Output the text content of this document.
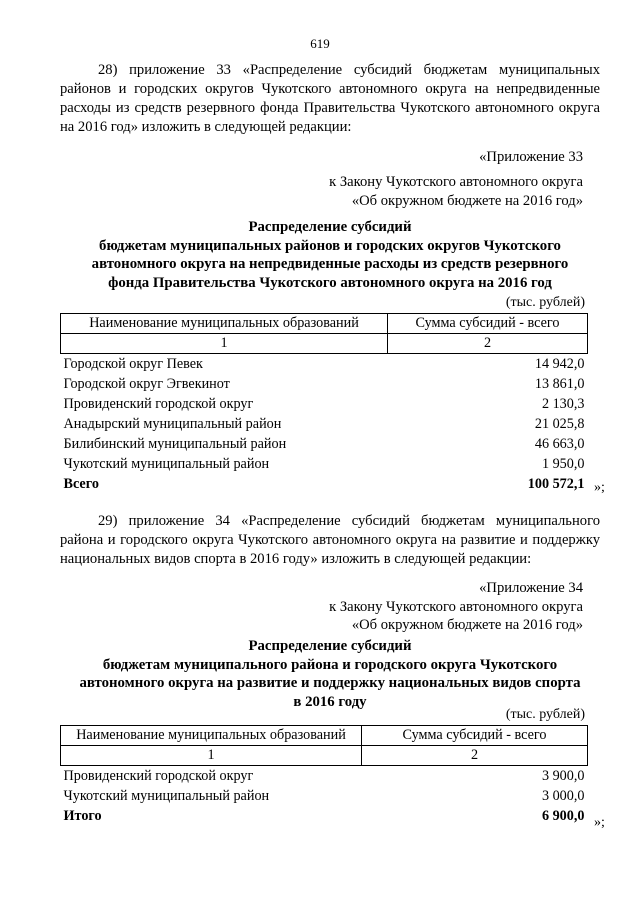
619

28) приложение 33 «Распределение субсидий бюджетам муниципальных районов и городских округов Чукотского автономного округа на непредвиденные расходы из средств резервного фонда Правительства Чукотского автономного округа на 2016 год» изложить в следующей редакции:

«Приложение 33
к Закону Чукотского автономного округа
«Об окружном бюджете на 2016 год»
Распределение субсидий
бюджетам муниципальных районов и городских округов Чукотского
автономного округа на непредвиденные расходы из средств резервного
фонда Правительства Чукотского автономного округа на 2016 год
(тыс. рублей)
Наименование муниципальных образований	Сумма субсидий - всего
1	2
Городской округ Певек	14 942,0
Городской округ Эгвекинот	13 861,0
Провиденский городской округ	2 130,3
Анадырский муниципальный район	21 025,8
Билибинский муниципальный район	46 663,0
Чукотский муниципальный район	1 950,0
Всего	100 572,1 »;

29) приложение 34 «Распределение субсидий бюджетам муниципального района и городского округа Чукотского автономного округа на развитие и поддержку национальных видов спорта в 2016 году» изложить в следующей редакции:

«Приложение 34
к Закону Чукотского автономного округа
«Об окружном бюджете на 2016 год»
Распределение субсидий
бюджетам муниципального района и городского округа Чукотского
автономного округа на развитие и поддержку национальных видов спорта
в 2016 году
(тыс. рублей)
Наименование муниципальных образований	Сумма субсидий - всего
1	2
Провиденский городской округ	3 900,0
Чукотский муниципальный район	3 000,0
Итого	6 900,0 »;
